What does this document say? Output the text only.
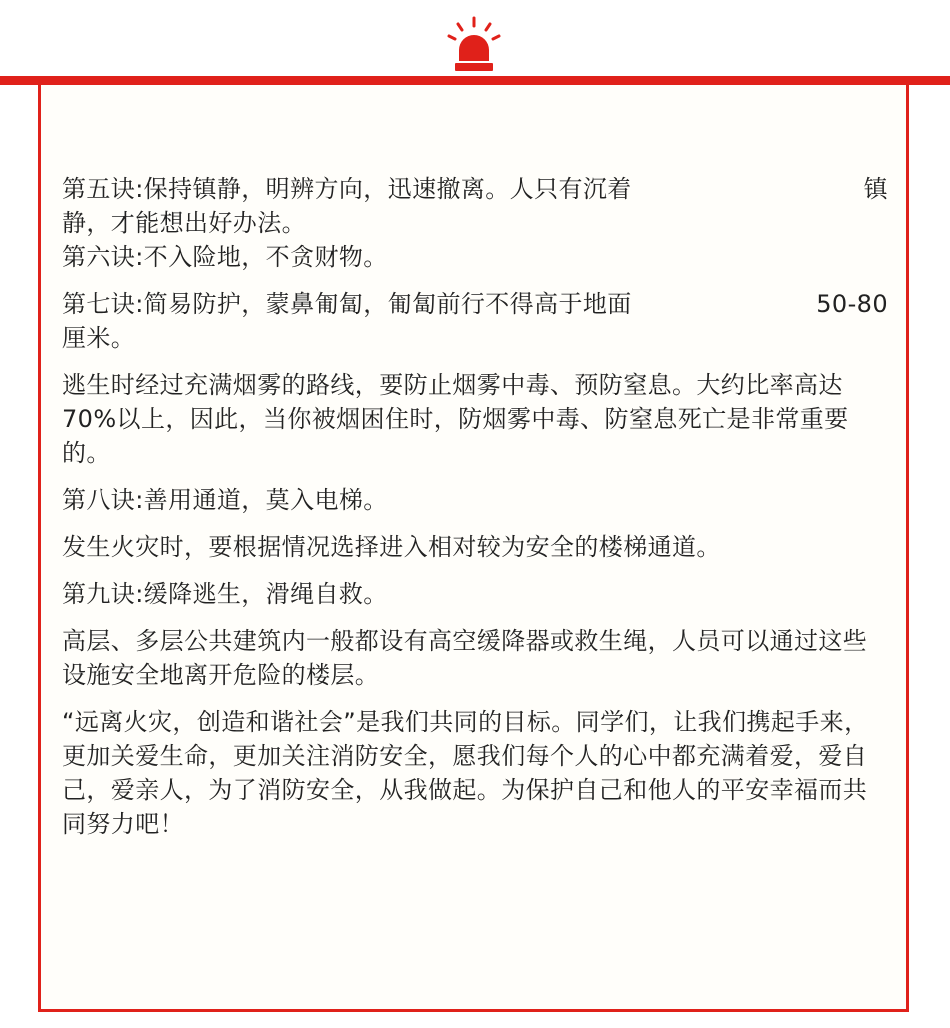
第五诀:保持镇静，明辨方向，迅速撤离。人只有沉着	镇
静，才能想出好办法。
第六诀:不入险地，不贪财物。
第七诀:简易防护，蒙鼻匍匐，匍匐前行不得高于地面	50-80
厘米。
逃生时经过充满烟雾的路线，要防止烟雾中毒、预防窒息。大约比率高达　70%以上，因此，当你被烟困住时，防烟雾中毒、防窒息死亡是非常重要的。
第八诀:善用通道，莫入电梯。
发生火灾时，要根据情况选择进入相对较为安全的楼梯通道。
第九诀:缓降逃生，滑绳自救。
高层、多层公共建筑内一般都设有高空缓降器或救生绳，人员可以通过这些设施安全地离开危险的楼层。
“远离火灾，创造和谐社会”是我们共同的目标。同学们，让我们携起手来，更加关爱生命，更加关注消防安全，愿我们每个人的心中都充满着爱，爱自己，爱亲人，为了消防安全，从我做起。为保护自己和他人的平安幸福而共同努力吧！
